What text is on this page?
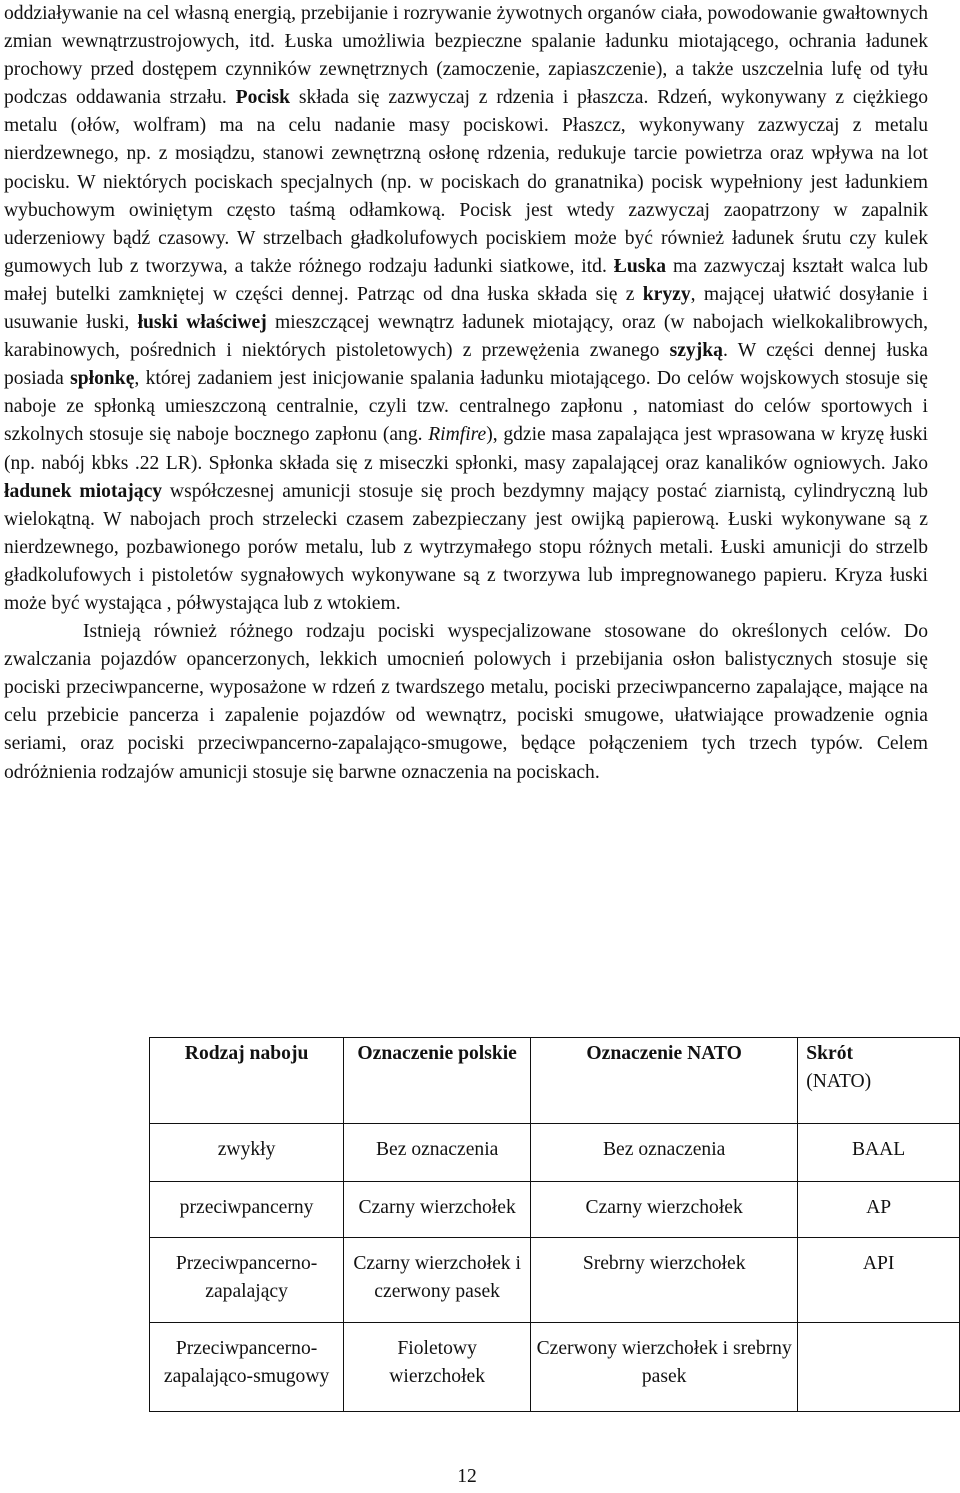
oddziaływanie na cel własną energią, przebijanie i rozrywanie żywotnych organów ciała, powodowanie gwałtownych zmian wewnątrzustrojowych, itd. Łuska umożliwia bezpieczne spalanie ładunku miotającego, ochrania ładunek prochowy przed dostępem czynników zewnętrznych (zamoczenie, zapiaszczenie), a także uszczelnia lufę od tyłu podczas oddawania strzału. Pocisk składa się zazwyczaj z rdzenia i płaszcza. Rdzeń, wykonywany z ciężkiego metalu (ołów, wolfram) ma na celu nadanie masy pociskowi. Płaszcz, wykonywany zazwyczaj z metalu nierdzewnego, np. z mosiądzu, stanowi zewnętrzną osłonę rdzenia, redukuje tarcie powietrza oraz wpływa na lot pocisku. W niektórych pociskach specjalnych (np. w pociskach do granatnika) pocisk wypełniony jest ładunkiem wybuchowym owiniętym często taśmą odłamkową. Pocisk jest wtedy zazwyczaj zaopatrzony w zapalnik uderzeniowy bądź czasowy. W strzelbach gładkolufowych pociskiem może być również ładunek śrutu czy kulek gumowych lub z tworzywa, a także różnego rodzaju ładunki siatkowe, itd. Łuska ma zazwyczaj kształt walca lub małej butelki zamkniętej w części dennej. Patrząc od dna łuska składa się z kryzy, mającej ułatwić dosyłanie i usuwanie łuski, łuski właściwej mieszczącej wewnątrz ładunek miotający, oraz (w nabojach wielkokalibrowych, karabinowych, pośrednich i niektórych pistoletowych) z przewężenia zwanego szyjką. W części dennej łuska posiada spłonkę, której zadaniem jest inicjowanie spalania ładunku miotającego. Do celów wojskowych stosuje się naboje ze spłonką umieszczoną centralnie, czyli tzw. centralnego zapłonu , natomiast do celów sportowych i szkolnych stosuje się naboje bocznego zapłonu (ang. Rimfire), gdzie masa zapalająca jest wprasowana w kryzę łuski (np. nabój kbks .22 LR). Spłonka składa się z miseczki spłonki, masy zapalającej oraz kanalików ogniowych. Jako ładunek miotający współczesnej amunicji stosuje się proch bezdymny mający postać ziarnistą, cylindryczną lub wielokątną. W nabojach proch strzelecki czasem zabezpieczany jest owijką papierową. Łuski wykonywane są z nierdzewnego, pozbawionego porów metalu, lub z wytrzymałego stopu różnych metali. Łuski amunicji do strzelb gładkolufowych i pistoletów sygnałowych wykonywane są z tworzywa lub impregnowanego papieru. Kryza łuski może być wystająca , półwystająca lub z wtokiem.

Istnieją również różnego rodzaju pociski wyspecjalizowane stosowane do określonych celów. Do zwalczania pojazdów opancerzonych, lekkich umocnień polowych i przebijania osłon balistycznych stosuje się pociski przeciwpancerne, wyposażone w rdzeń z twardszego metalu, pociski przeciwpancerno zapalające, mające na celu przebicie pancerza i zapalenie pojazdów od wewnątrz, pociski smugowe, ułatwiające prowadzenie ognia seriami, oraz pociski przeciwpancerno-zapalająco-smugowe, będące połączeniem tych trzech typów. Celem odróżnienia rodzajów amunicji stosuje się barwne oznaczenia na pociskach.

Rodzaj naboju	Oznaczenie polskie	Oznaczenie NATO	Skrót
(NATO)
zwykły	Bez oznaczenia	Bez oznaczenia	BAAL
przeciwpancerny	Czarny wierzchołek	Czarny wierzchołek	AP
Przeciwpancerno-zapalający	Czarny wierzchołek i czerwony pasek	Srebrny wierzchołek	API
Przeciwpancerno-zapalająco-smugowy	Fioletowy wierzchołek	Czerwony wierzchołek i srebrny pasek	
12
